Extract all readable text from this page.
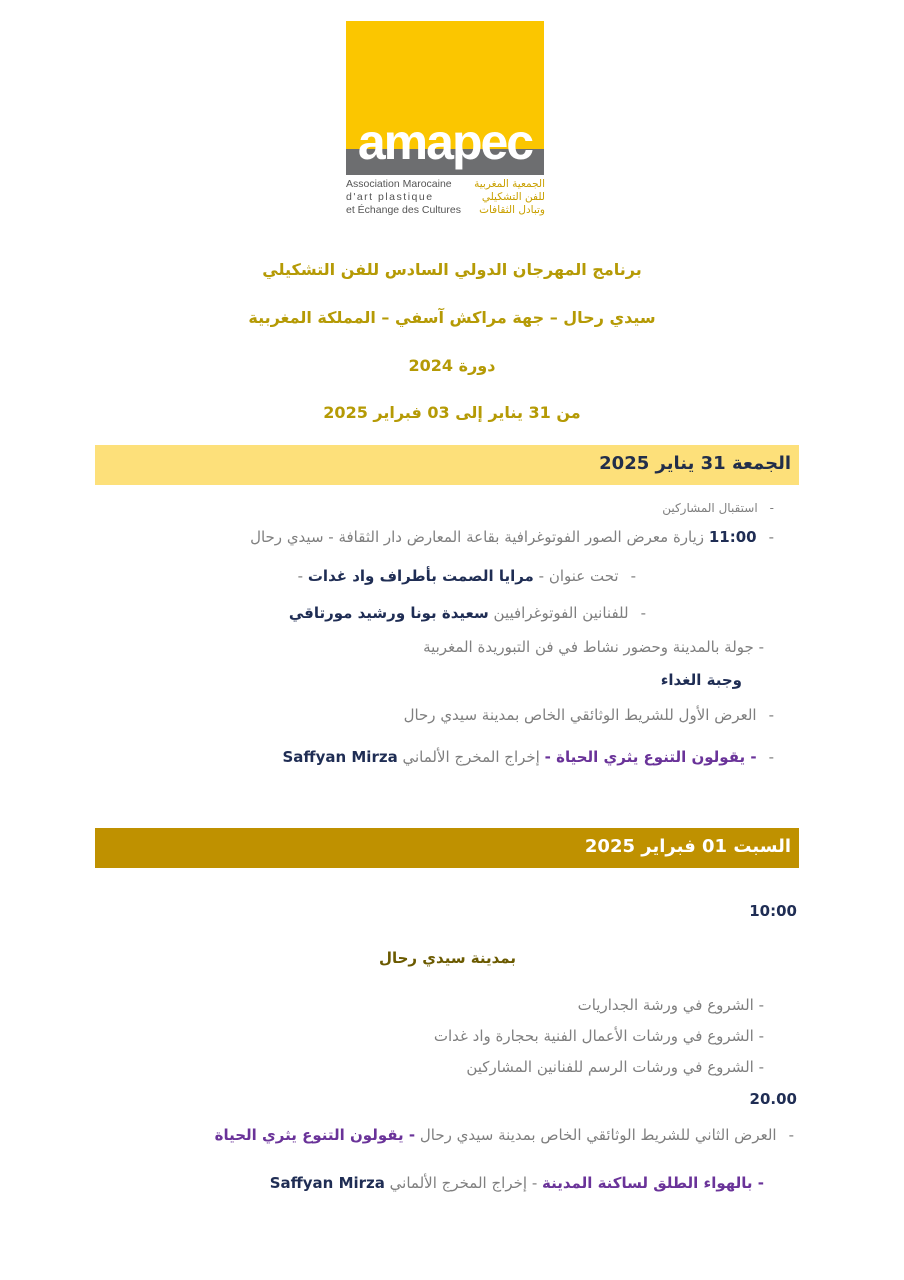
amapec
Association Marocaine
d'art plastique
et Échange des Cultures
الجمعية المغربية
للفن التشكيلي
وتبادل الثقافات
برنامج المهرجان الدولي السادس للفن التشكيلي
سيدي رحال – جهة مراكش آسفي – المملكة المغربية
دورة 2024
من 31 يناير إلى 03 فبراير 2025
الجمعة 31 يناير 2025
-استقبال المشاركين
-11:00 زيارة معرض الصور الفوتوغرافية بقاعة المعارض دار الثقافة - سيدي رحال
-تحت عنوان - مرايا الصمت بأطراف واد غدات -
-للفنانين الفوتوغرافيين سعيدة بونا ورشيد مورتاقي
- جولة بالمدينة وحضور نشاط في فن التبوريدة المغربية
وجبة الغداء
-العرض الأول للشريط الوثائقي الخاص بمدينة سيدي رحال
-- يقولون التنوع يثري الحياة - إخراج المخرج الألماني Saffyan Mirza
السبت 01 فبراير 2025
10:00
بمدينة سيدي رحال
- الشروع في ورشة الجداريات
- الشروع في ورشات الأعمال الفنية بحجارة واد غدات
- الشروع في ورشات الرسم للفنانين المشاركين
20.00
-العرض الثاني للشريط الوثائقي الخاص بمدينة سيدي رحال - يقولون التنوع يثري الحياة
- بالهواء الطلق لساكنة المدينة - إخراج المخرج الألماني Saffyan Mirza
